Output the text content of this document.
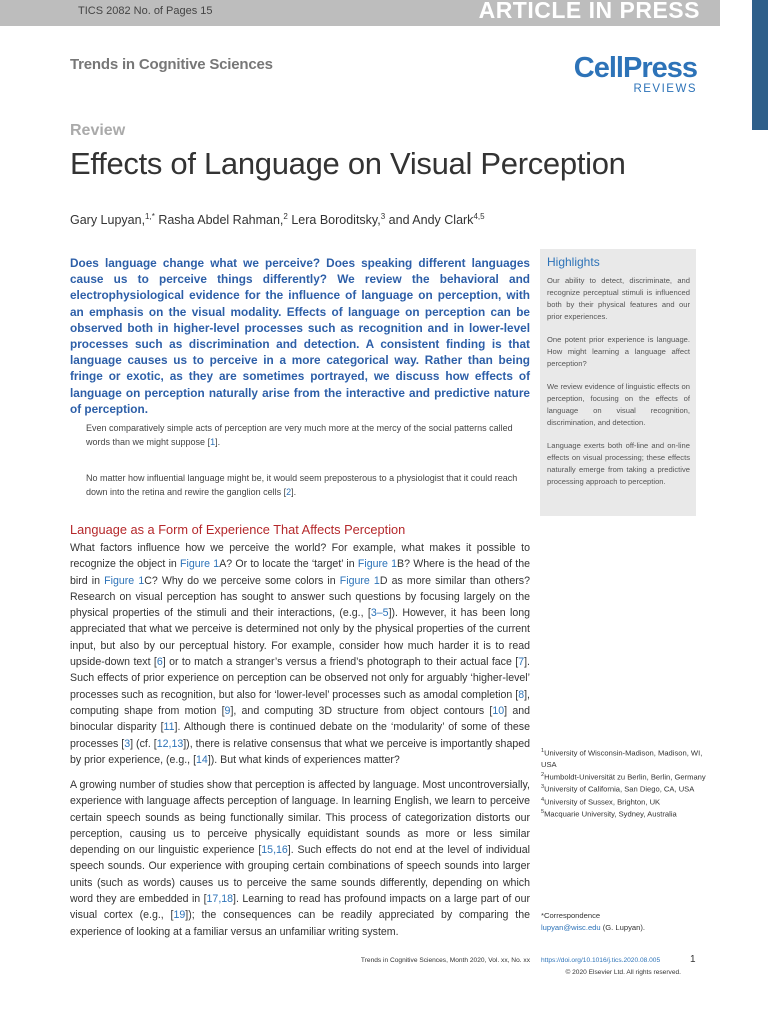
TICS 2082 No. of Pages 15	ARTICLE IN PRESS
Trends in Cognitive Sciences	CellPress
REVIEWS
Review
Effects of Language on Visual Perception
Gary Lupyan,$^{1,*}$ Rasha Abdel Rahman,$^2$ Lera Boroditsky,$^3$ and Andy Clark$^{4,5}$
Does language change what we perceive? Does speaking different languages cause us to perceive things differently? We review the behavioral and electrophysiological evidence for the influence of language on perception, with an emphasis on the visual modality. Effects of language on perception can be observed both in higher-level processes such as recognition and in lower-level processes such as discrimination and detection. A consistent finding is that language causes us to perceive in a more categorical way. Rather than being fringe or exotic, as they are sometimes portrayed, we discuss how effects of language on perception naturally arise from the interactive and predictive nature of perception.
Even comparatively simple acts of perception are very much more at the mercy of the social patterns called words than we might suppose [1].
No matter how influential language might be, it would seem preposterous to a physiologist that it could reach down into the retina and rewire the ganglion cells [2].
Highlights
Our ability to detect, discriminate, and recognize perceptual stimuli is influenced both by their physical features and our prior experiences.
One potent prior experience is language. How might learning a language affect perception?
We review evidence of linguistic effects on perception, focusing on the effects of language on visual recognition, discrimination, and detection.
Language exerts both off-line and on-line effects on visual processing; these effects naturally emerge from taking a predictive processing approach to perception.
Language as a Form of Experience That Affects Perception
What factors influence how we perceive the world? For example, what makes it possible to recognize the object in Figure 1A? Or to locate the ‘target’ in Figure 1B? Where is the head of the bird in Figure 1C? Why do we perceive some colors in Figure 1D as more similar than others? Research on visual perception has sought to answer such questions by focusing largely on the physical properties of the stimuli and their interactions, (e.g., [3–5]). However, it has been long appreciated that what we perceive is determined not only by the physical properties of the current input, but also by our perceptual history. For example, consider how much harder it is to read upside-down text [6] or to match a stranger’s versus a friend’s photograph to their actual face [7]. Such effects of prior experience on perception can be observed not only for arguably ‘higher-level’ processes such as recognition, but also for ‘lower-level’ processes such as amodal completion [8], computing shape from motion [9], and computing 3D structure from object contours [10] and binocular disparity [11]. Although there is continued debate on the ‘modularity’ of some of these processes [3] (cf. [12,13]), there is relative consensus that what we perceive is importantly shaped by prior experience, (e.g., [14]). But what kinds of experiences matter?
A growing number of studies show that perception is affected by language. Most uncontroversially, experience with language affects perception of language. In learning English, we learn to perceive certain speech sounds as being functionally similar. This process of categorization distorts our perception, causing us to perceive physically equidistant sounds as more or less similar depending on our linguistic experience [15,16]. Such effects do not end at the level of individual speech sounds. Our experience with grouping certain combinations of speech sounds into larger units (such as words) causes us to perceive the same sounds differently, depending on which word they are embedded in [17,18]. Learning to read has profound impacts on a large part of our visual cortex (e.g., [19]); the consequences can be readily appreciated by comparing the experience of looking at a familiar versus an unfamiliar writing system.
$^1$University of Wisconsin-Madison, Madison, WI, USA
$^2$Humboldt-Universität zu Berlin, Berlin, Germany
$^3$University of California, San Diego, CA, USA
$^4$University of Sussex, Brighton, UK
$^5$Macquarie University, Sydney, Australia
*Correspondence
lupyan@wisc.edu (G. Lupyan).
Trends in Cognitive Sciences, Month 2020, Vol. xx, No. xx https://doi.org/10.1016/j.tics.2020.08.005	1
© 2020 Elsevier Ltd. All rights reserved.
